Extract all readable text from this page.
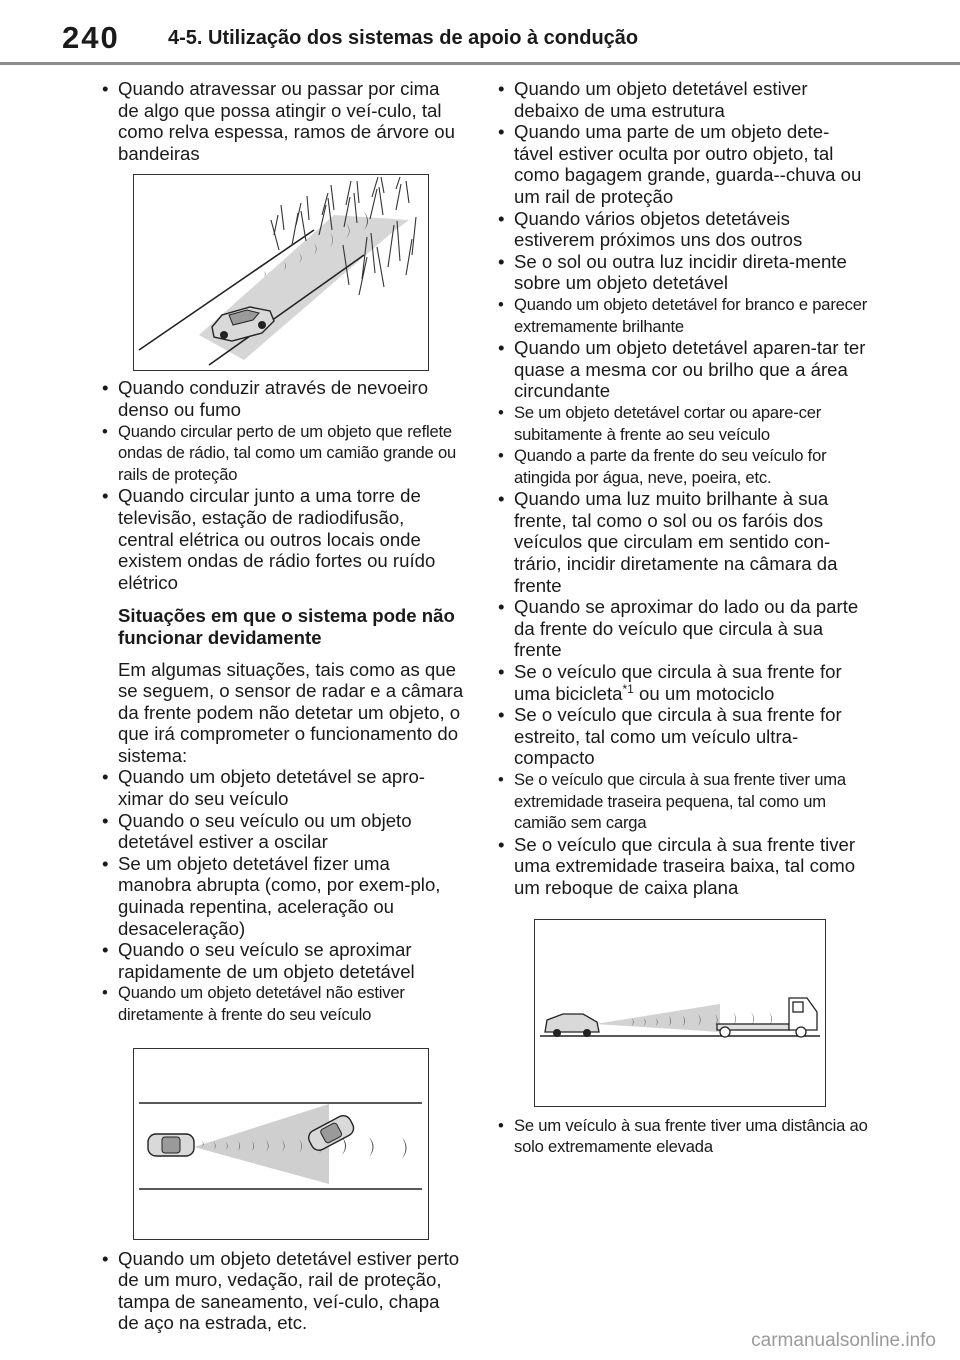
240 4-5. Utilização dos sistemas de apoio à condução
• Quando atravessar ou passar por cima de algo que possa atingir o veí-culo, tal como relva espessa, ramos de árvore ou bandeiras
• Quando conduzir através de nevoeiro denso ou fumo
• Quando circular perto de um objeto que reflete ondas de rádio, tal como um camião grande ou rails de proteção
• Quando circular junto a uma torre de televisão, estação de radiodifusão, central elétrica ou outros locais onde existem ondas de rádio fortes ou ruído elétrico
Situações em que o sistema pode não funcionar devidamente
Em algumas situações, tais como as que se seguem, o sensor de radar e a câmara da frente podem não detetar um objeto, o que irá comprometer o funcionamento do sistema:
• Quando um objeto detetável se apro-ximar do seu veículo
• Quando o seu veículo ou um objeto detetável estiver a oscilar
• Se um objeto detetável fizer uma manobra abrupta (como, por exem-plo, guinada repentina, aceleração ou desaceleração)
• Quando o seu veículo se aproximar rapidamente de um objeto detetável
• Quando um objeto detetável não estiver diretamente à frente do seu veículo
• Quando um objeto detetável estiver perto de um muro, vedação, rail de proteção, tampa de saneamento, veí-culo, chapa de aço na estrada, etc.
• Quando um objeto detetável estiver debaixo de uma estrutura
• Quando uma parte de um objeto dete-tável estiver oculta por outro objeto, tal como bagagem grande, guarda--chuva ou um rail de proteção
• Quando vários objetos detetáveis estiverem próximos uns dos outros
• Se o sol ou outra luz incidir direta-mente sobre um objeto detetável
• Quando um objeto detetável for branco e parecer extremamente brilhante
• Quando um objeto detetável aparen-tar ter quase a mesma cor ou brilho que a área circundante
• Se um objeto detetável cortar ou apare-cer subitamente à frente ao seu veículo
• Quando a parte da frente do seu veículo for atingida por água, neve, poeira, etc.
• Quando uma luz muito brilhante à sua frente, tal como o sol ou os faróis dos veículos que circulam em sentido con-trário, incidir diretamente na câmara da frente
• Quando se aproximar do lado ou da parte da frente do veículo que circula à sua frente
• Se o veículo que circula à sua frente for uma bicicleta$^{*1}$ ou um motociclo
• Se o veículo que circula à sua frente for estreito, tal como um veículo ultra-compacto
• Se o veículo que circula à sua frente tiver uma extremidade traseira pequena, tal como um camião sem carga
• Se o veículo que circula à sua frente tiver uma extremidade traseira baixa, tal como um reboque de caixa plana
• Se um veículo à sua frente tiver uma distância ao solo extremamente elevada
carmanualsonline.info
